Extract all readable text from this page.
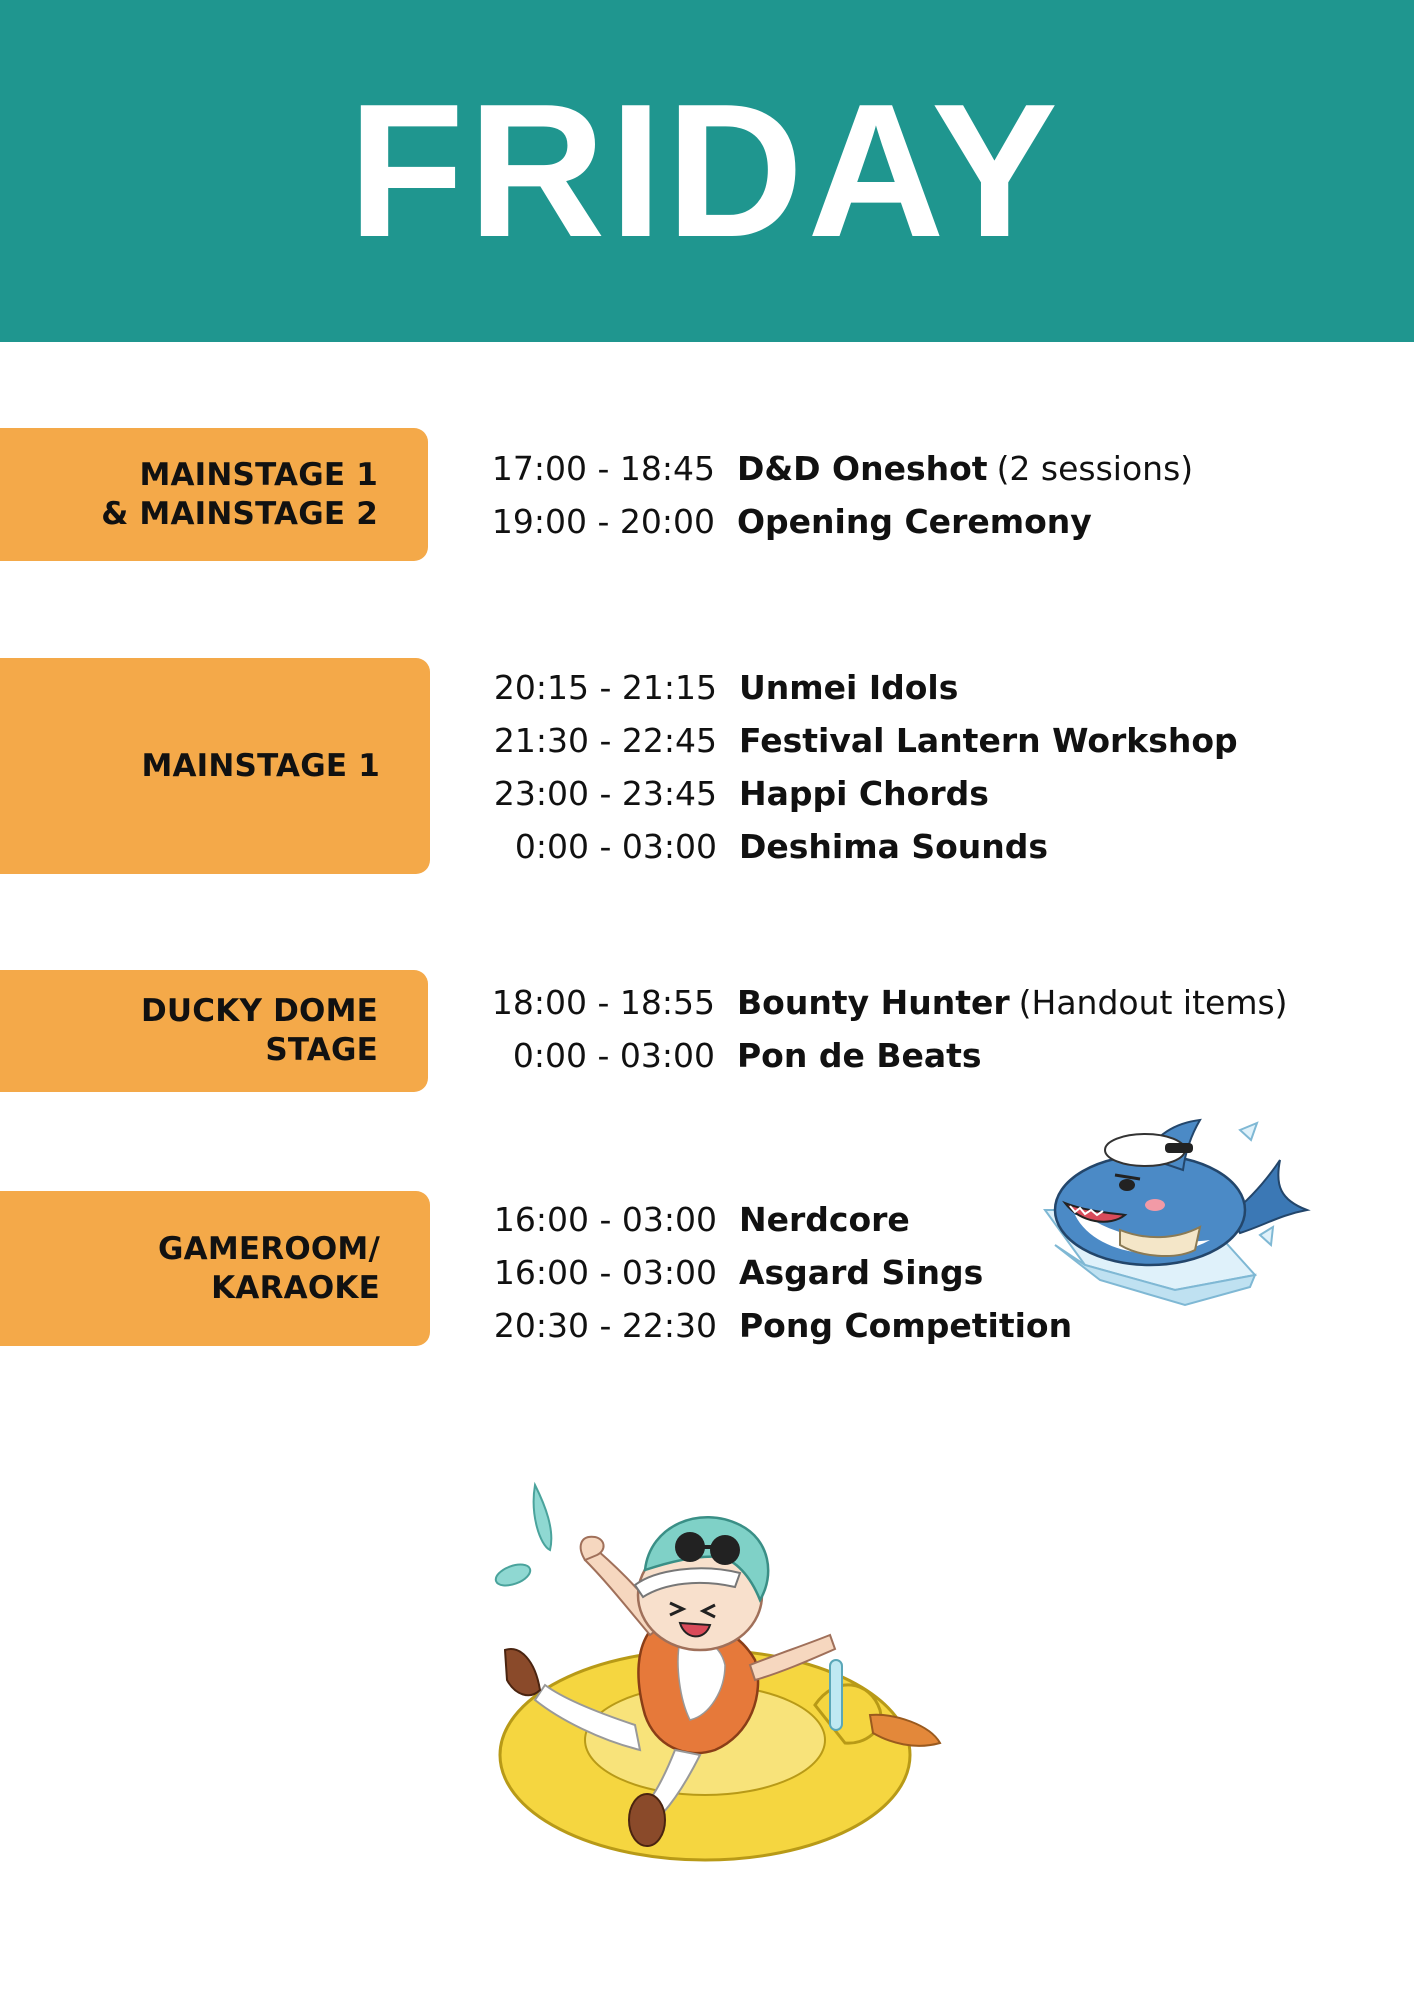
FRIDAY
MAINSTAGE 1
& MAINSTAGE 2
17:00 - 18:45 D&D Oneshot (2 sessions)
19:00 - 20:00 Opening Ceremony
MAINSTAGE 1
20:15 - 21:15 Unmei Idols
21:30 - 22:45 Festival Lantern Workshop
23:00 - 23:45 Happi Chords
0:00 - 03:00 Deshima Sounds
DUCKY DOME
STAGE
18:00 - 18:55 Bounty Hunter (Handout items)
0:00 - 03:00 Pon de Beats
GAMEROOM/
KARAOKE
16:00 - 03:00 Nerdcore
16:00 - 03:00 Asgard Sings
20:30 - 22:30 Pong Competition
